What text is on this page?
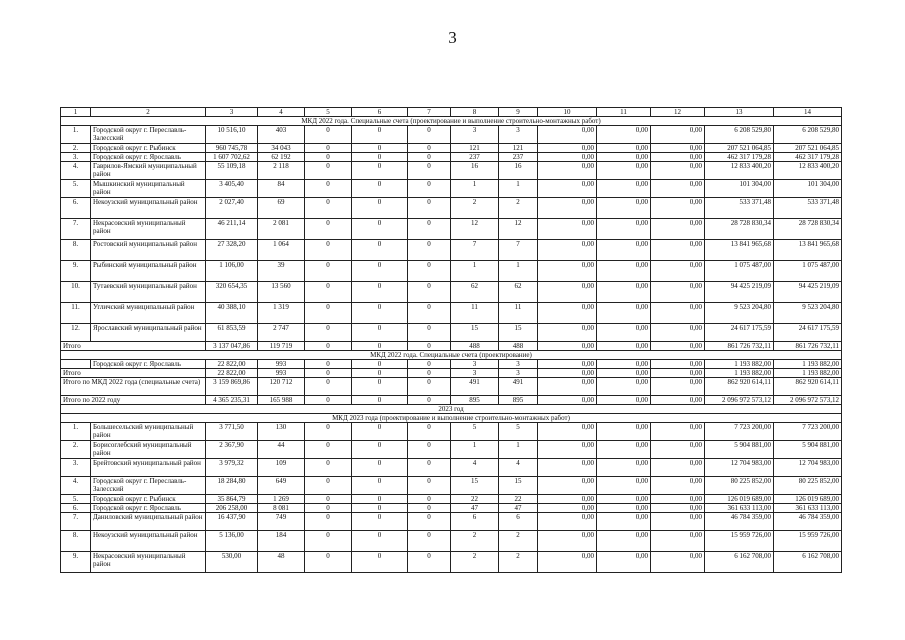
3
1	2	3	4	5	6	7	8	9	10	11	12	13	14
МКД 2022 года. Специальные счета (проектирование и выполнение строительно-монтажных работ)													
1.	Городской округ г. Переславль-Залесский	10 516,10	403	0	0	0	3	3	0,00	0,00	0,00	6 208 529,80	6 208 529,80
2.	Городской округ г. Рыбинск	960 745,78	34 043	0	0	0	121	121	0,00	0,00	0,00	207 521 064,85	207 521 064,85
3.	Городской округ г. Ярославль	1 607 702,62	62 192	0	0	0	237	237	0,00	0,00	0,00	462 317 179,28	462 317 179,28
4.	Гаврилов-Ямский муниципальный район	55 109,18	2 118	0	0	0	16	16	0,00	0,00	0,00	12 833 400,20	12 833 400,20
5.	Мышкинский муниципальный район	3 405,40	84	0	0	0	1	1	0,00	0,00	0,00	101 304,00	101 304,00
6.	Некоузский муниципальный район	2 027,40	69	0	0	0	2	2	0,00	0,00	0,00	533 371,48	533 371,48
7.	Некрасовский муниципальный район	46 211,14	2 081	0	0	0	12	12	0,00	0,00	0,00	28 728 830,34	28 728 830,34
8.	Ростовский муниципальный район	27 328,20	1 064	0	0	0	7	7	0,00	0,00	0,00	13 841 965,68	13 841 965,68
9.	Рыбинский муниципальный район	1 106,00	39	0	0	0	1	1	0,00	0,00	0,00	1 075 487,00	1 075 487,00
10.	Тутаевский муниципальный район	320 654,35	13 560	0	0	0	62	62	0,00	0,00	0,00	94 425 219,09	94 425 219,09
11.	Угличский муниципальный район	40 388,10	1 319	0	0	0	11	11	0,00	0,00	0,00	9 523 204,80	9 523 204,80
12.	Ярославский муниципальный район	61 853,59	2 747	0	0	0	15	15	0,00	0,00	0,00	24 617 175,59	24 617 175,59
Итого		3 137 047,86	119 719	0	0	0	488	488	0,00	0,00	0,00	861 726 732,11	861 726 732,11
МКД 2022 года. Специальные счета (проектирование)													
	Городской округ г. Ярославль	22 822,00	993	0	0	0	3	3	0,00	0,00	0,00	1 193 882,00	1 193 882,00
Итого		22 822,00	993	0	0	0	3	3	0,00	0,00	0,00	1 193 882,00	1 193 882,00
Итого по МКД 2022 года (специальные счета)		3 159 869,86	120 712	0	0	0	491	491	0,00	0,00	0,00	862 920 614,11	862 920 614,11
Итого по 2022 году		4 365 235,31	165 988	0	0	0	895	895	0,00	0,00	0,00	2 096 972 573,12	2 096 972 573,12
2023 год													
МКД 2023 года (проектирование и выполнение строительно-монтажных работ)													
1.	Большесельский муниципальный район	3 771,50	130	0	0	0	5	5	0,00	0,00	0,00	7 723 200,00	7 723 200,00
2.	Борисоглебский муниципальный район	2 367,90	44	0	0	0	1	1	0,00	0,00	0,00	5 904 881,00	5 904 881,00
3.	Брейтовский муниципальный район	3 979,32	109	0	0	0	4	4	0,00	0,00	0,00	12 704 983,00	12 704 983,00
4.	Городской округ г. Переславль-Залесский	18 284,80	649	0	0	0	15	15	0,00	0,00	0,00	80 225 852,00	80 225 852,00
5.	Городской округ г. Рыбинск	35 864,79	1 269	0	0	0	22	22	0,00	0,00	0,00	126 019 689,00	126 019 689,00
6.	Городской округ г. Ярославль	206 258,00	8 081	0	0	0	47	47	0,00	0,00	0,00	361 633 113,00	361 633 113,00
7.	Даниловский муниципальный район	16 437,90	749	0	0	0	6	6	0,00	0,00	0,00	46 784 359,00	46 784 359,00
8.	Некоузский муниципальный район	5 136,00	184	0	0	0	2	2	0,00	0,00	0,00	15 959 726,00	15 959 726,00
9.	Некрасовский муниципальный район	530,00	48	0	0	0	2	2	0,00	0,00	0,00	6 162 708,00	6 162 708,00
